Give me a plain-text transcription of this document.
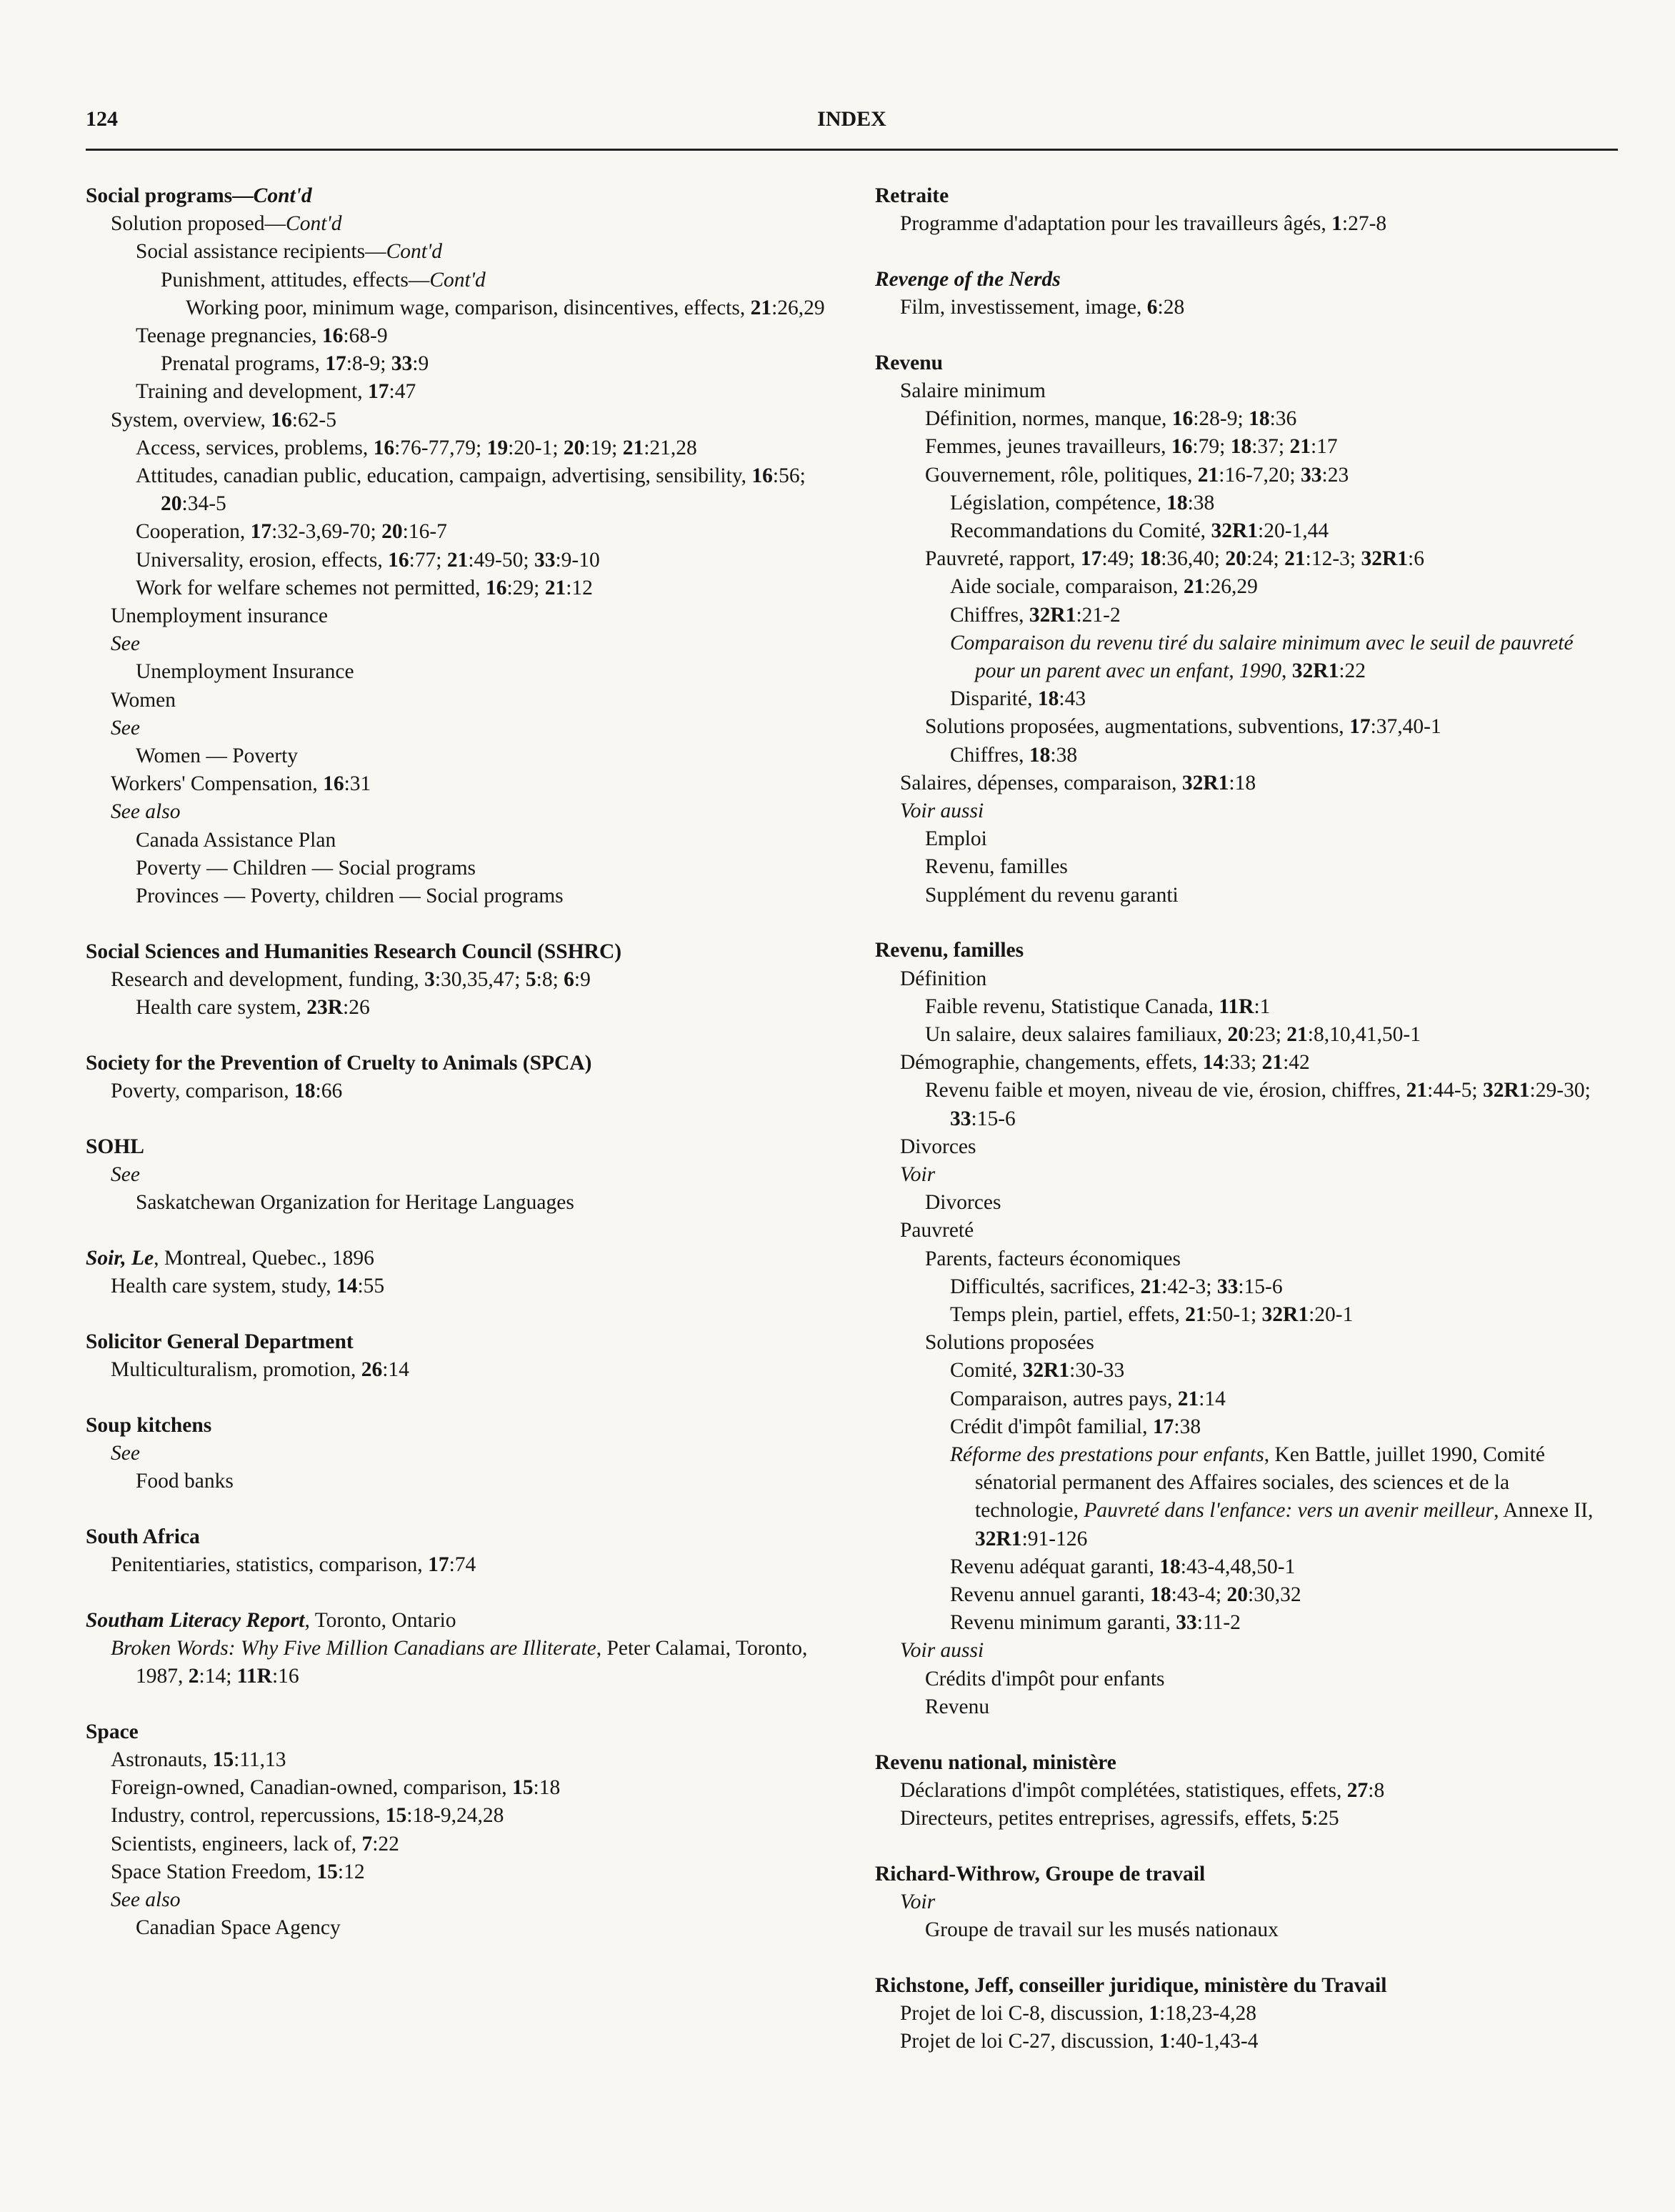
124	INDEX
Social programs—Cont'd
Solution proposed—Cont'd
Social assistance recipients—Cont'd
Punishment, attitudes, effects—Cont'd
Working poor, minimum wage, comparison, disincentives, effects, 21:26,29
Teenage pregnancies, 16:68-9
Prenatal programs, 17:8-9; 33:9
Training and development, 17:47
System, overview, 16:62-5
Access, services, problems, 16:76-77,79; 19:20-1; 20:19; 21:21,28
Attitudes, canadian public, education, campaign, advertising, sensibility, 16:56; 20:34-5
Cooperation, 17:32-3,69-70; 20:16-7
Universality, erosion, effects, 16:77; 21:49-50; 33:9-10
Work for welfare schemes not permitted, 16:29; 21:12
Unemployment insurance
See
Unemployment Insurance
Women
See
Women — Poverty
Workers' Compensation, 16:31
See also
Canada Assistance Plan
Poverty — Children — Social programs
Provinces — Poverty, children — Social programs
Social Sciences and Humanities Research Council (SSHRC)
Research and development, funding, 3:30,35,47; 5:8; 6:9
Health care system, 23R:26
Society for the Prevention of Cruelty to Animals (SPCA)
Poverty, comparison, 18:66
SOHL
See
Saskatchewan Organization for Heritage Languages
Soir, Le, Montreal, Quebec., 1896
Health care system, study, 14:55
Solicitor General Department
Multiculturalism, promotion, 26:14
Soup kitchens
See
Food banks
South Africa
Penitentiaries, statistics, comparison, 17:74
Southam Literacy Report, Toronto, Ontario
Broken Words: Why Five Million Canadians are Illiterate, Peter Calamai, Toronto, 1987, 2:14; 11R:16
Space
Astronauts, 15:11,13
Foreign-owned, Canadian-owned, comparison, 15:18
Industry, control, repercussions, 15:18-9,24,28
Scientists, engineers, lack of, 7:22
Space Station Freedom, 15:12
See also
Canadian Space Agency
Retraite
Programme d'adaptation pour les travailleurs âgés, 1:27-8
Revenge of the Nerds
Film, investissement, image, 6:28
Revenu
Salaire minimum
Définition, normes, manque, 16:28-9; 18:36
Femmes, jeunes travailleurs, 16:79; 18:37; 21:17
Gouvernement, rôle, politiques, 21:16-7,20; 33:23
Législation, compétence, 18:38
Recommandations du Comité, 32R1:20-1,44
Pauvreté, rapport, 17:49; 18:36,40; 20:24; 21:12-3; 32R1:6
Aide sociale, comparaison, 21:26,29
Chiffres, 32R1:21-2
Comparaison du revenu tiré du salaire minimum avec le seuil de pauvreté pour un parent avec un enfant, 1990, 32R1:22
Disparité, 18:43
Solutions proposées, augmentations, subventions, 17:37,40-1
Chiffres, 18:38
Salaires, dépenses, comparaison, 32R1:18
Voir aussi
Emploi
Revenu, familles
Supplément du revenu garanti
Revenu, familles
Définition
Faible revenu, Statistique Canada, 11R:1
Un salaire, deux salaires familiaux, 20:23; 21:8,10,41,50-1
Démographie, changements, effets, 14:33; 21:42
Revenu faible et moyen, niveau de vie, érosion, chiffres, 21:44-5; 32R1:29-30; 33:15-6
Divorces
Voir
Divorces
Pauvreté
Parents, facteurs économiques
Difficultés, sacrifices, 21:42-3; 33:15-6
Temps plein, partiel, effets, 21:50-1; 32R1:20-1
Solutions proposées
Comité, 32R1:30-33
Comparaison, autres pays, 21:14
Crédit d'impôt familial, 17:38
Réforme des prestations pour enfants, Ken Battle, juillet 1990, Comité sénatorial permanent des Affaires sociales, des sciences et de la technologie, Pauvreté dans l'enfance: vers un avenir meilleur, Annexe II, 32R1:91-126
Revenu adéquat garanti, 18:43-4,48,50-1
Revenu annuel garanti, 18:43-4; 20:30,32
Revenu minimum garanti, 33:11-2
Voir aussi
Crédits d'impôt pour enfants
Revenu
Revenu national, ministère
Déclarations d'impôt complétées, statistiques, effets, 27:8
Directeurs, petites entreprises, agressifs, effets, 5:25
Richard-Withrow, Groupe de travail
Voir
Groupe de travail sur les musés nationaux
Richstone, Jeff, conseiller juridique, ministère du Travail
Projet de loi C-8, discussion, 1:18,23-4,28
Projet de loi C-27, discussion, 1:40-1,43-4
